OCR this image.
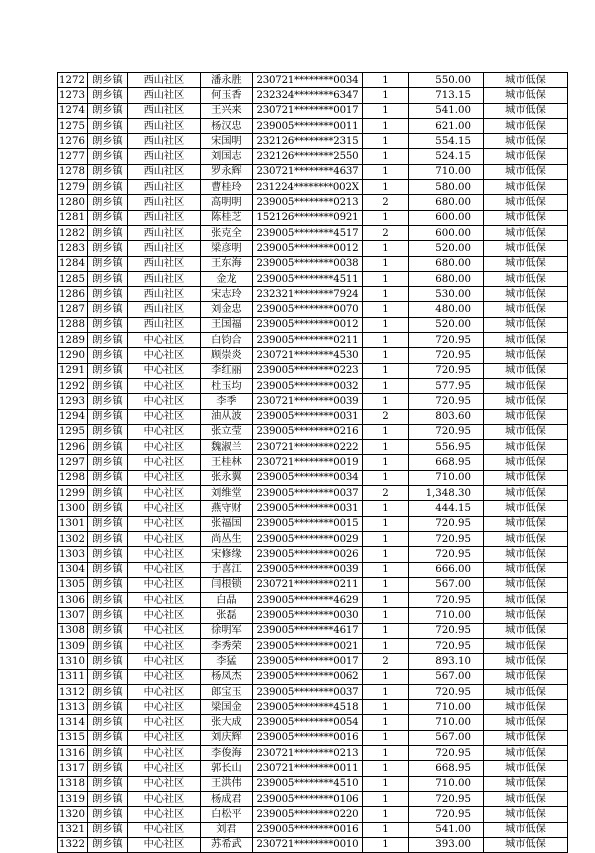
1272	朗乡镇	西山社区	潘永胜	230721********0034	1	550.00	城市低保
1273	朗乡镇	西山社区	何玉香	232324********6347	1	713.15	城市低保
1274	朗乡镇	西山社区	王兴来	230721********0017	1	541.00	城市低保
1275	朗乡镇	西山社区	杨汉忠	239005********0011	1	621.00	城市低保
1276	朗乡镇	西山社区	宋国明	232126********2315	1	554.15	城市低保
1277	朗乡镇	西山社区	刘国志	232126********2550	1	524.15	城市低保
1278	朗乡镇	西山社区	罗永辉	230721********4637	1	710.00	城市低保
1279	朗乡镇	西山社区	曹桂玲	231224********002X	1	580.00	城市低保
1280	朗乡镇	西山社区	高明明	239005********0213	2	680.00	城市低保
1281	朗乡镇	西山社区	陈桂芝	152126********0921	1	600.00	城市低保
1282	朗乡镇	西山社区	张克全	239005********4517	2	600.00	城市低保
1283	朗乡镇	西山社区	梁彦明	239005********0012	1	520.00	城市低保
1284	朗乡镇	西山社区	王东海	239005********0038	1	680.00	城市低保
1285	朗乡镇	西山社区	金龙	239005********4511	1	680.00	城市低保
1286	朗乡镇	西山社区	宋志玲	232321********7924	1	530.00	城市低保
1287	朗乡镇	西山社区	刘金忠	239005********0070	1	480.00	城市低保
1288	朗乡镇	西山社区	王国福	239005********0012	1	520.00	城市低保
1289	朗乡镇	中心社区	白钧合	239005********0211	1	720.95	城市低保
1290	朗乡镇	中心社区	顾崇炎	230721********4530	1	720.95	城市低保
1291	朗乡镇	中心社区	李红丽	239005********0223	1	720.95	城市低保
1292	朗乡镇	中心社区	杜玉均	239005********0032	1	577.95	城市低保
1293	朗乡镇	中心社区	李季	230721********0039	1	720.95	城市低保
1294	朗乡镇	中心社区	油从波	239005********0031	2	803.60	城市低保
1295	朗乡镇	中心社区	张立莹	239005********0216	1	720.95	城市低保
1296	朗乡镇	中心社区	魏淑兰	230721********0222	1	556.95	城市低保
1297	朗乡镇	中心社区	王桂林	230721********0019	1	668.95	城市低保
1298	朗乡镇	中心社区	张永翼	239005********0034	1	710.00	城市低保
1299	朗乡镇	中心社区	刘维堂	239005********0037	2	1,348.30	城市低保
1300	朗乡镇	中心社区	燕守财	239005********0031	1	444.15	城市低保
1301	朗乡镇	中心社区	张福国	239005********0015	1	720.95	城市低保
1302	朗乡镇	中心社区	尚丛生	239005********0029	1	720.95	城市低保
1303	朗乡镇	中心社区	宋修缘	239005********0026	1	720.95	城市低保
1304	朗乡镇	中心社区	于喜江	239005********0039	1	666.00	城市低保
1305	朗乡镇	中心社区	闫根锁	230721********0211	1	567.00	城市低保
1306	朗乡镇	中心社区	白晶	239005********4629	1	720.95	城市低保
1307	朗乡镇	中心社区	张磊	239005********0030	1	710.00	城市低保
1308	朗乡镇	中心社区	徐明军	239005********4617	1	720.95	城市低保
1309	朗乡镇	中心社区	李秀荣	239005********0021	1	720.95	城市低保
1310	朗乡镇	中心社区	李猛	239005********0017	2	893.10	城市低保
1311	朗乡镇	中心社区	杨凤杰	239005********0062	1	567.00	城市低保
1312	朗乡镇	中心社区	郎宝玉	239005********0037	1	720.95	城市低保
1313	朗乡镇	中心社区	梁国金	239005********4518	1	710.00	城市低保
1314	朗乡镇	中心社区	张大成	239005********0054	1	710.00	城市低保
1315	朗乡镇	中心社区	刘庆辉	239005********0016	1	567.00	城市低保
1316	朗乡镇	中心社区	李俊海	230721********0213	1	720.95	城市低保
1317	朗乡镇	中心社区	郭长山	230721********0011	1	668.95	城市低保
1318	朗乡镇	中心社区	王洪伟	239005********4510	1	710.00	城市低保
1319	朗乡镇	中心社区	杨成君	239005********0106	1	720.95	城市低保
1320	朗乡镇	中心社区	白松平	239005********0220	1	720.95	城市低保
1321	朗乡镇	中心社区	刘君	239005********0016	1	541.00	城市低保
1322	朗乡镇	中心社区	苏希武	230721********0010	1	393.00	城市低保
